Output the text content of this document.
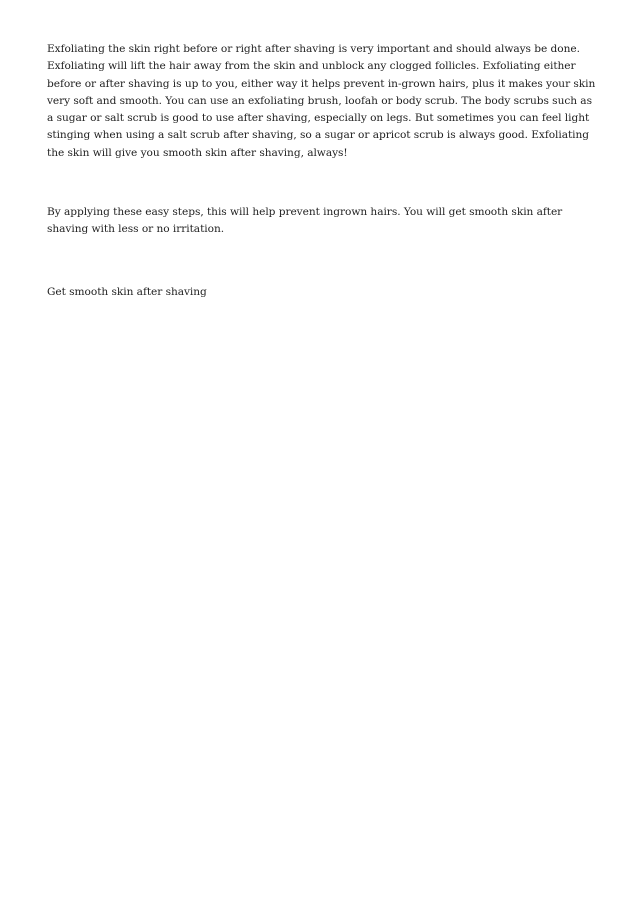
Exfoliating the skin right before or right after shaving is very important and should always be done. Exfoliating will lift the hair away from the skin and unblock any clogged follicles. Exfoliating either before or after shaving is up to you, either way it helps prevent in-grown hairs, plus it makes your skin very soft and smooth. You can use an exfoliating brush, loofah or body scrub. The body scrubs such as a sugar or salt scrub is good to use after shaving, especially on legs. But sometimes you can feel light stinging when using a salt scrub after shaving, so a sugar or apricot scrub is always good. Exfoliating the skin will give you smooth skin after shaving, always!

By applying these easy steps, this will help prevent ingrown hairs. You will get smooth skin after shaving with less or no irritation.

Get smooth skin after shaving
